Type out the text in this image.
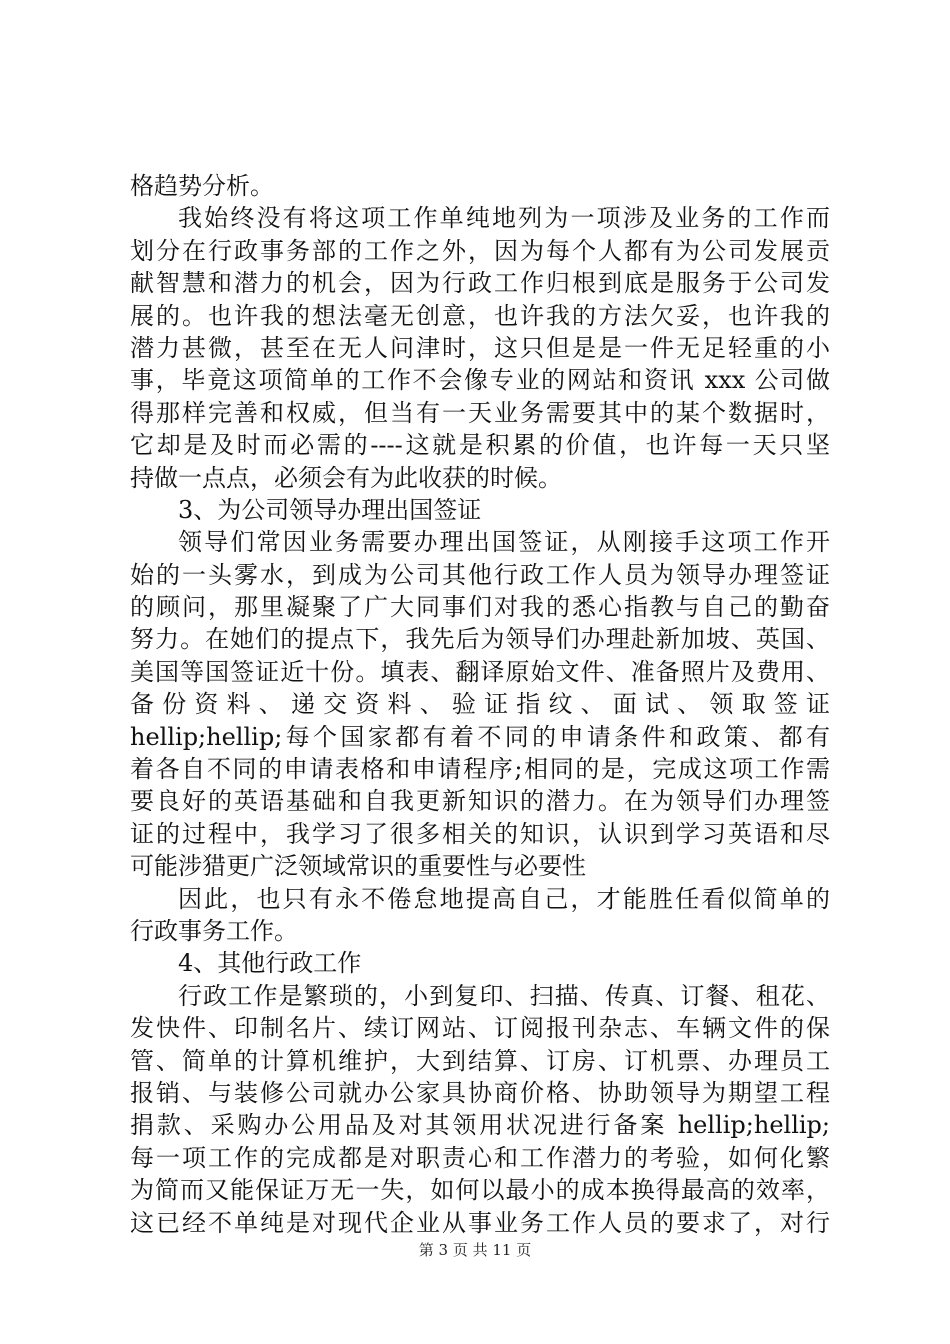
格趋势分析。
我始终没有将这项工作单纯地列为一项涉及业务的工作而
划分在行政事务部的工作之外，因为每个人都有为公司发展贡
献智慧和潜力的机会，因为行政工作归根到底是服务于公司发
展的。也许我的想法毫无创意，也许我的方法欠妥，也许我的
潜力甚微，甚至在无人问津时，这只但是是一件无足轻重的小
事，毕竟这项简单的工作不会像专业的网站和资讯 xxx 公司做
得那样完善和权威，但当有一天业务需要其中的某个数据时，
它却是及时而必需的----这就是积累的价值，也许每一天只坚
持做一点点，必须会有为此收获的时候。
3、为公司领导办理出国签证
领导们常因业务需要办理出国签证，从刚接手这项工作开
始的一头雾水，到成为公司其他行政工作人员为领导办理签证
的顾问，那里凝聚了广大同事们对我的悉心指教与自己的勤奋
努力。在她们的提点下，我先后为领导们办理赴新加坡、英国、
美国等国签证近十份。填表、翻译原始文件、准备照片及费用、
备 份 资 料 、 递 交 资 料 、 验 证 指 纹 、 面 试 、 领 取 签 证
hellip;hellip;每个国家都有着不同的申请条件和政策、都有
着各自不同的申请表格和申请程序;相同的是，完成这项工作需
要良好的英语基础和自我更新知识的潜力。在为领导们办理签
证的过程中，我学习了很多相关的知识，认识到学习英语和尽
可能涉猎更广泛领域常识的重要性与必要性
因此，也只有永不倦怠地提高自己，才能胜任看似简单的
行政事务工作。
4、其他行政工作
行政工作是繁琐的，小到复印、扫描、传真、订餐、租花、
发快件、印制名片、续订网站、订阅报刊杂志、车辆文件的保
管、简单的计算机维护，大到结算、订房、订机票、办理员工
报销、与装修公司就办公家具协商价格、协助领导为期望工程
捐款、采购办公用品及对其领用状况进行备案 hellip;hellip;
每一项工作的完成都是对职责心和工作潜力的考验，如何化繁
为简而又能保证万无一失，如何以最小的成本换得最高的效率，
这已经不单纯是对现代企业从事业务工作人员的要求了，对行
第 3 页 共 11 页
